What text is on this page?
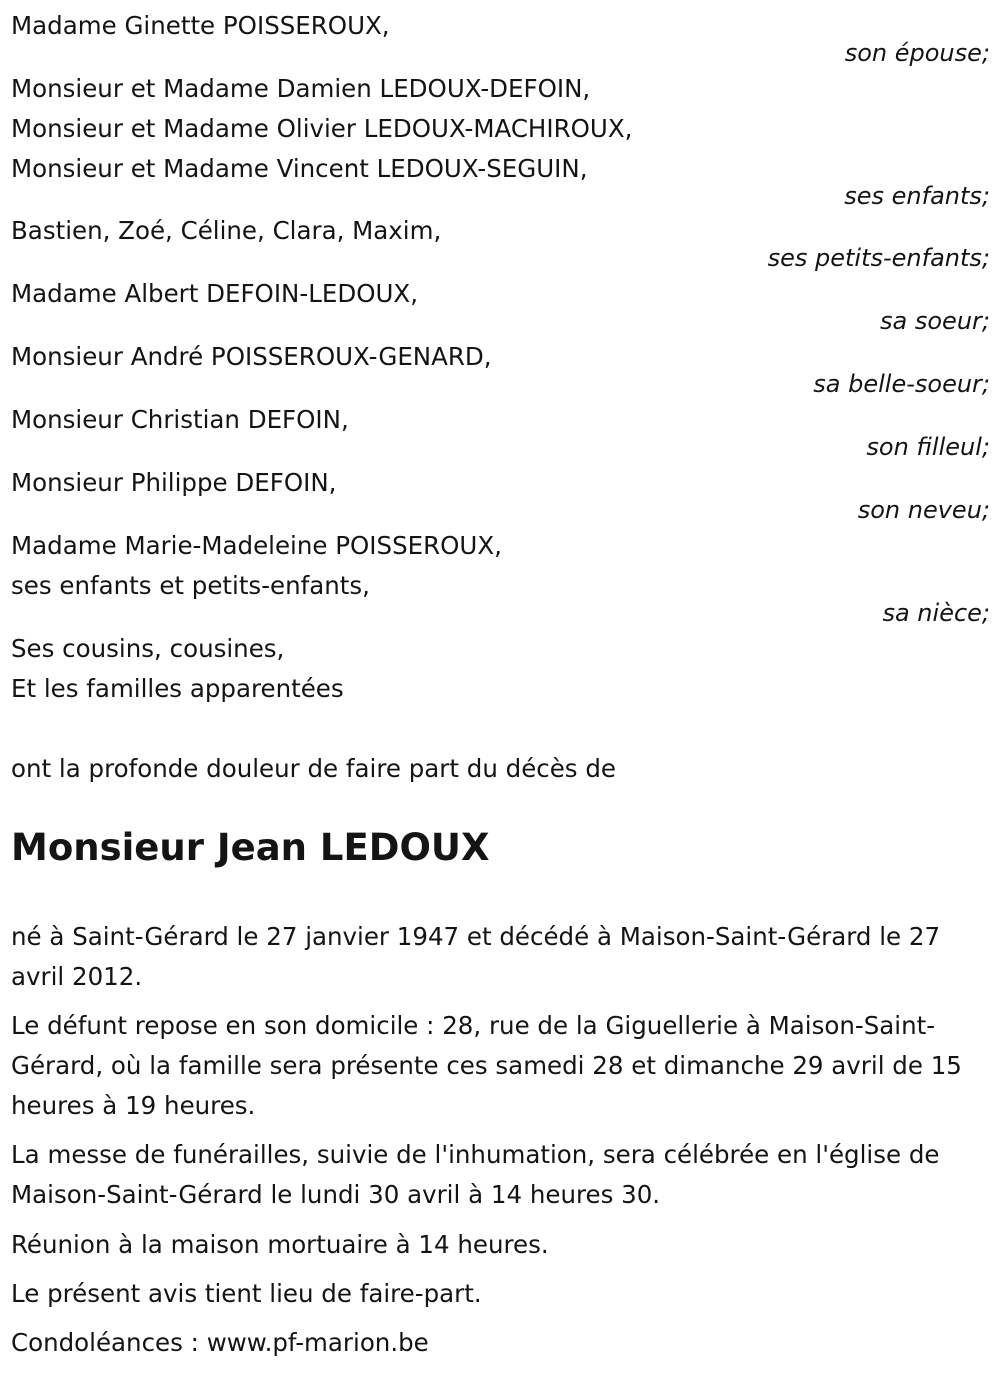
Madame Ginette POISSEROUX,
son épouse;
Monsieur et Madame Damien LEDOUX-DEFOIN,
Monsieur et Madame Olivier LEDOUX-MACHIROUX,
Monsieur et Madame Vincent LEDOUX-SEGUIN,
ses enfants;
Bastien, Zoé, Céline, Clara, Maxim,
ses petits-enfants;
Madame Albert DEFOIN-LEDOUX,
sa soeur;
Monsieur André POISSEROUX-GENARD,
sa belle-soeur;
Monsieur Christian DEFOIN,
son filleul;
Monsieur Philippe DEFOIN,
son neveu;
Madame Marie-Madeleine POISSEROUX,
ses enfants et petits-enfants,
sa nièce;
Ses cousins, cousines,
Et les familles apparentées
ont la profonde douleur de faire part du décès de
Monsieur Jean LEDOUX
né à Saint-Gérard le 27 janvier 1947 et décédé à Maison-Saint-Gérard le 27 avril 2012.
Le défunt repose en son domicile : 28, rue de la Giguellerie à Maison-Saint-Gérard, où la famille sera présente ces samedi 28 et dimanche 29 avril de 15 heures à 19 heures.
La messe de funérailles, suivie de l'inhumation, sera célébrée en l'église de Maison-Saint-Gérard le lundi 30 avril à 14 heures 30.
Réunion à la maison mortuaire à 14 heures.
Le présent avis tient lieu de faire-part.
Condoléances : www.pf-marion.be
